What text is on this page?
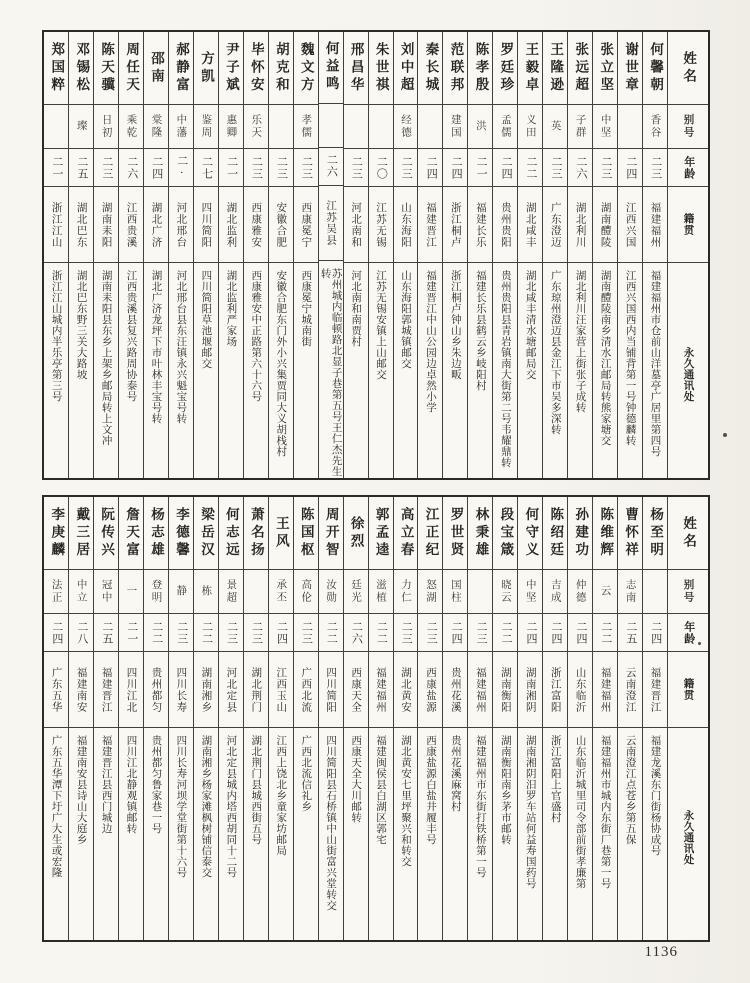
姓名
别号
年龄
籍贯
永久通讯处
何馨朝
香谷
二三
福建福州
福建福州市仓前山洋墓亭广居里第四号
谢世章
二四
江西兴国
江西兴国西内当铺背第一号钟德麟转
张立坚
中坚
二三
湖南醴陵
湖南醴陵南乡清水江邮局转熊家塘交
张远超
子群
二六
湖北利川
湖北利川汪家营上街张子成转
王隆逊
英
二三
广东澄迈
广东琼州澄迈县金江下市吴多深转
王毅卓
义田
二二
湖北咸丰
湖北咸丰清水塘邮局交
罗廷珍
孟儒
二四
贵州贵阳
贵州贵阳县青岩镇南大街第二号韦耀鼎转
陈孝殷
洪
二一
福建长乐
福建长乐县鹤云乡岐阳村
范联邦
建国
二四
浙江桐卢
浙江桐卢钟山乡朱边畈
秦长城
二四
福建晋江
福建晋江中山公园边卓然小学
刘中超
经德
二三
山东海阳
山东海阳郭城镇邮交
朱世祺
二〇
江苏无锡
江苏无锡安镇上山邮交
邢昌华
二三
河北南和
河北南和南贾村
何益鸣
二六
江苏吴县
苏州城内临顿路北显子巷第五号王仁杰先生转
魏文方
孝儒
二三
西康冕宁
西康冕宁城南街
胡克和
二三
安徽合肥
安徽合肥东门外小兴集贾同大义胡栈村
毕怀安
乐天
二三
西康雅安
西康雅安中正路第六十六号
尹子斌
惠卿
二一
湖北监利
湖北监利严家场
方凯
鉴周
二七
四川简阳
四川简阳草池堰邮交
郝静富
中藩
二·
河北邢台
河北邢台县东汪镇永兴魁宝号转
邵南
棠隆
二四
湖北广济
湖北广济龙坪下市叶林丰宝号转
周任天
乘乾
二六
江西贵溪
江西贵溪县复兴路周协泰号
陈天骥
日初
二三
湖南耒阳
湖南耒阳县东乡上架乡邮局转上文冲
邓锡松
璨
二五
湖北巴东
湖北巴东野三关大路坡
郑国粹
二一
浙江江山
浙江江山城内半乐亭第三号
姓名
别号
年龄
籍贯
永久通讯处
杨至明
二四
福建晋江
福建龙溪东门街杨协成号
曹怀祥
志南
二五
云南澄江
云南澄江点苍乡第五保
陈维辉
云
二二
福建福州
福建福州市城内东街厂巷第一号
孙建功
仲德
二四
山东临沂
山东临沂城里司令部前街孝廉第
陈绍廷
吉成
二四
浙江富阳
浙江富阳上官盛村
何守义
中坚
二四
湖南湘阴
湖南湘阴汨罗车站何益寿国药号
段宝箴
晓云
二二
湖南衡阳
湖南衡阳南乡茅市邮转
林秉雄
二三
福建福州
福建福州市东街打铁桥第一号
罗世贤
国柱
二四
贵州花溪
贵州花溪麻窝村
江正纪
怒湖
二三
西康盐源
西康盐源白盐井履丰号
高立春
力仁
二三
湖北黄安
湖北黄安七里坪聚兴和转交
郭孟逵
滋植
二二
福建福州
福建闽侯县白湖区郭宅
徐烈
廷光
二六
西康天全
西康天全大川邮转
周开智
汝勋
二二
四川简阳
四川简阳县石桥镇中山街富兴堂转交
陈国枢
高伦
二三
广西北流
广西北流信礼乡
王风
承丕
二四
江西玉山
江西上饶北乡童家坊邮局
萧名扬
二三
湖北荆门
湖北荆门县城西街五号
何志远
景超
二三
河北定县
河北定县城内塔西胡同十二号
梁岳汉
栋
二二
湖南湘乡
湖南湘乡杨家滩枫树铺信泰交
李德馨
静
二三
四川长寿
四川长寿河坝学堂街第十六号
杨志雄
登明
二二
贵州都匀
贵州都匀鲁家巷一号
詹天富
一
二一
四川江北
四川江北静观镇邮转
阮传兴
冠中
二五
福建晋江
福建晋江县西门城边
戴三居
中立
二八
福建南安
福建南安县诗山大庭乡
李庚麟
法正
二四
广东五华
广东五华潭下圩广大生或宏隆
1136
